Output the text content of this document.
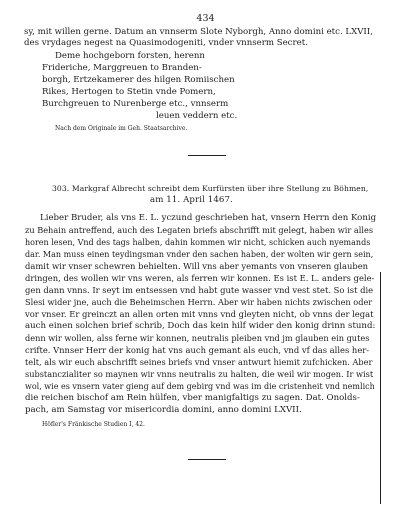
434
sy, mit willen gerne. Datum an vnnserm Slote Nyborgh, Anno domini etc. LXVII,
des vrydages negest na Quasimodogeniti, vnder vnnserm Secret.
Deme hochgeborn forsten, herenn
Frideriche, Marggreuen to Branden-
borgh, Ertzekamerer des hilgen Romiischen
Rikes, Hertogen to Stetin vnde Pomern,
Burchgreuen to Nurenberge etc., vnnserm
leuen veddern etc.
Nach dem Originale im Geh. Staatsarchive.
303. Markgraf Albrecht schreibt dem Kurfürsten über ihre Stellung zu Böhmen,
am 11. April 1467.
Lieber Bruder, als vns E. L. yczund geschrieben hat, vnsern Herrn den Konig
zu Behain antreffend, auch des Legaten briefs abschrifft mit gelegt, haben wir alles
horen lesen, Vnd des tags halben, dahin kommen wir nicht, schicken auch nyemands
dar. Man muss einen teydingsman vnder den sachen haben, der wolten wir gern sein,
damit wir vnser schewren behielten. Will vns aber yemants von vnseren glauben
dringen, des wollen wir vns weren, als ferren wir konnen. Es ist E. L. anders gele-
gen dann vnns. Ir seyt im entsessen vnd habt gute wasser vnd vest stet. So ist die
Slesi wider jne, auch die Beheimschen Herrn. Aber wir haben nichts zwischen oder
vor vnser. Er greinczt an allen orten mit vnns vnd gleyten nicht, ob vnns der legat
auch einen solchen brief schrib, Doch das kein hilf wider den konig drinn stund:
denn wir wollen, alss ferne wir konnen, neutralis pleiben vnd jm glauben ein gutes
crifte. Vnnser Herr der konig hat vns auch gemant als euch, vnd vf das alles her-
telt, als wir euch abschrifft seines briefs vnd vnser antwurt hiemit zufchicken. Aber
substanczialiter so maynen wir vnns neutralis zu halten, die weil wir mogen. Ir wist
wol, wie es vnsern vater gieng auf dem gebirg vnd was im die cristenheit vnd nemlich
die reichen bischof am Rein hülfen, vber manigfaltigs zu sagen. Dat. Onolds-
pach, am Samstag vor misericordia domini, anno domini LXVII.
Höfler's Fränkische Studien I, 42.
